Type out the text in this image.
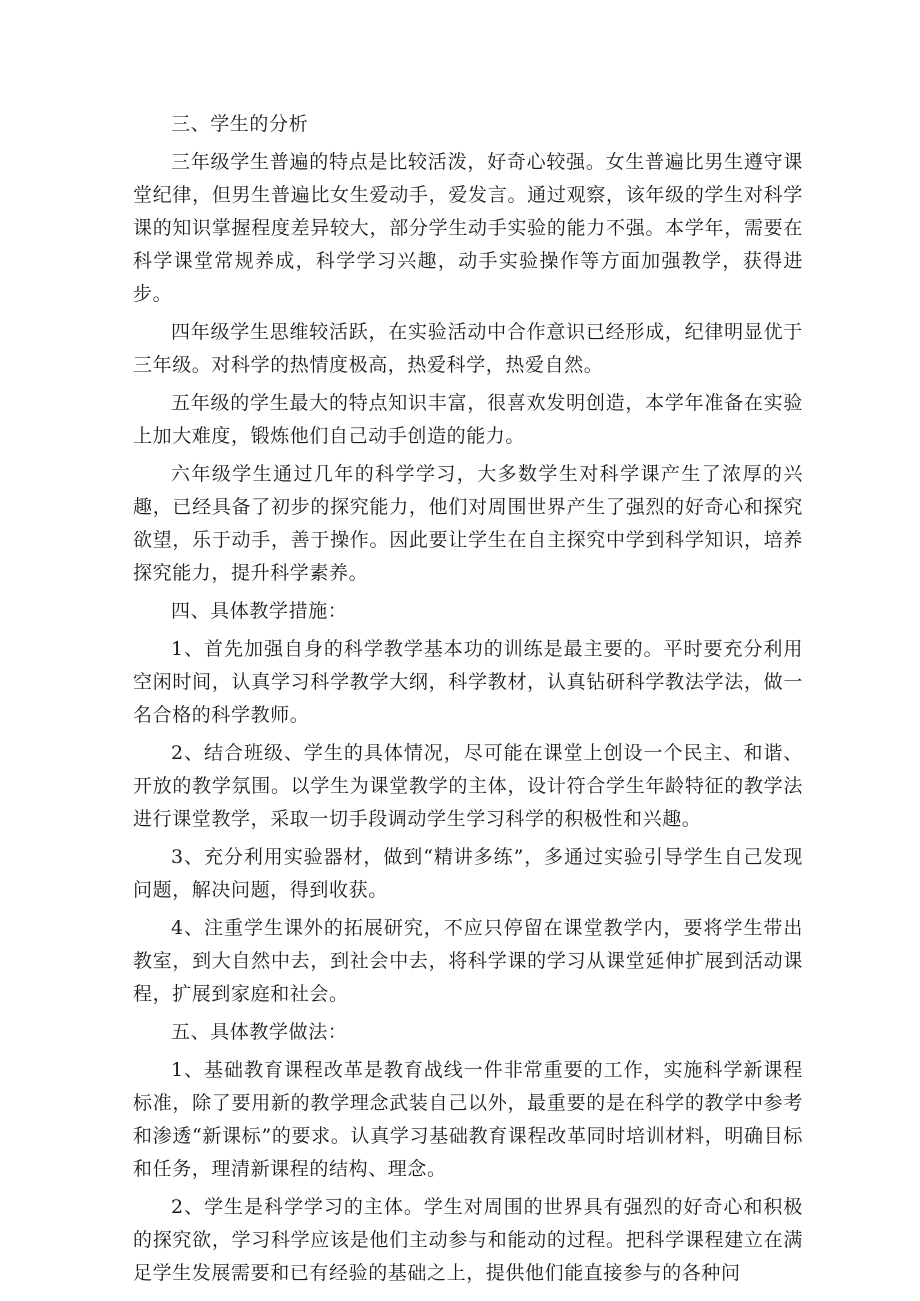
三、学生的分析
三年级学生普遍的特点是比较活泼，好奇心较强。女生普遍比男生遵守课堂纪律，但男生普遍比女生爱动手，爱发言。通过观察，该年级的学生对科学课的知识掌握程度差异较大，部分学生动手实验的能力不强。本学年，需要在科学课堂常规养成，科学学习兴趣，动手实验操作等方面加强教学，获得进步。
四年级学生思维较活跃，在实验活动中合作意识已经形成，纪律明显优于三年级。对科学的热情度极高，热爱科学，热爱自然。
五年级的学生最大的特点知识丰富，很喜欢发明创造，本学年准备在实验上加大难度，锻炼他们自己动手创造的能力。
六年级学生通过几年的科学学习，大多数学生对科学课产生了浓厚的兴趣，已经具备了初步的探究能力，他们对周围世界产生了强烈的好奇心和探究欲望，乐于动手，善于操作。因此要让学生在自主探究中学到科学知识，培养探究能力，提升科学素养。
四、具体教学措施：
1、首先加强自身的科学教学基本功的训练是最主要的。平时要充分利用空闲时间，认真学习科学教学大纲，科学教材，认真钻研科学教法学法，做一名合格的科学教师。
2、结合班级、学生的具体情况，尽可能在课堂上创设一个民主、和谐、开放的教学氛围。以学生为课堂教学的主体，设计符合学生年龄特征的教学法进行课堂教学，采取一切手段调动学生学习科学的积极性和兴趣。
3、充分利用实验器材，做到“精讲多练”，多通过实验引导学生自己发现问题，解决问题，得到收获。
4、注重学生课外的拓展研究，不应只停留在课堂教学内，要将学生带出教室，到大自然中去，到社会中去，将科学课的学习从课堂延伸扩展到活动课程，扩展到家庭和社会。
五、具体教学做法：
1、基础教育课程改革是教育战线一件非常重要的工作，实施科学新课程标准，除了要用新的教学理念武装自己以外，最重要的是在科学的教学中参考和渗透“新课标”的要求。认真学习基础教育课程改革同时培训材料，明确目标和任务，理清新课程的结构、理念。
2、学生是科学学习的主体。学生对周围的世界具有强烈的好奇心和积极的探究欲，学习科学应该是他们主动参与和能动的过程。把科学课程建立在满足学生发展需要和已有经验的基础之上，提供他们能直接参与的各种问
